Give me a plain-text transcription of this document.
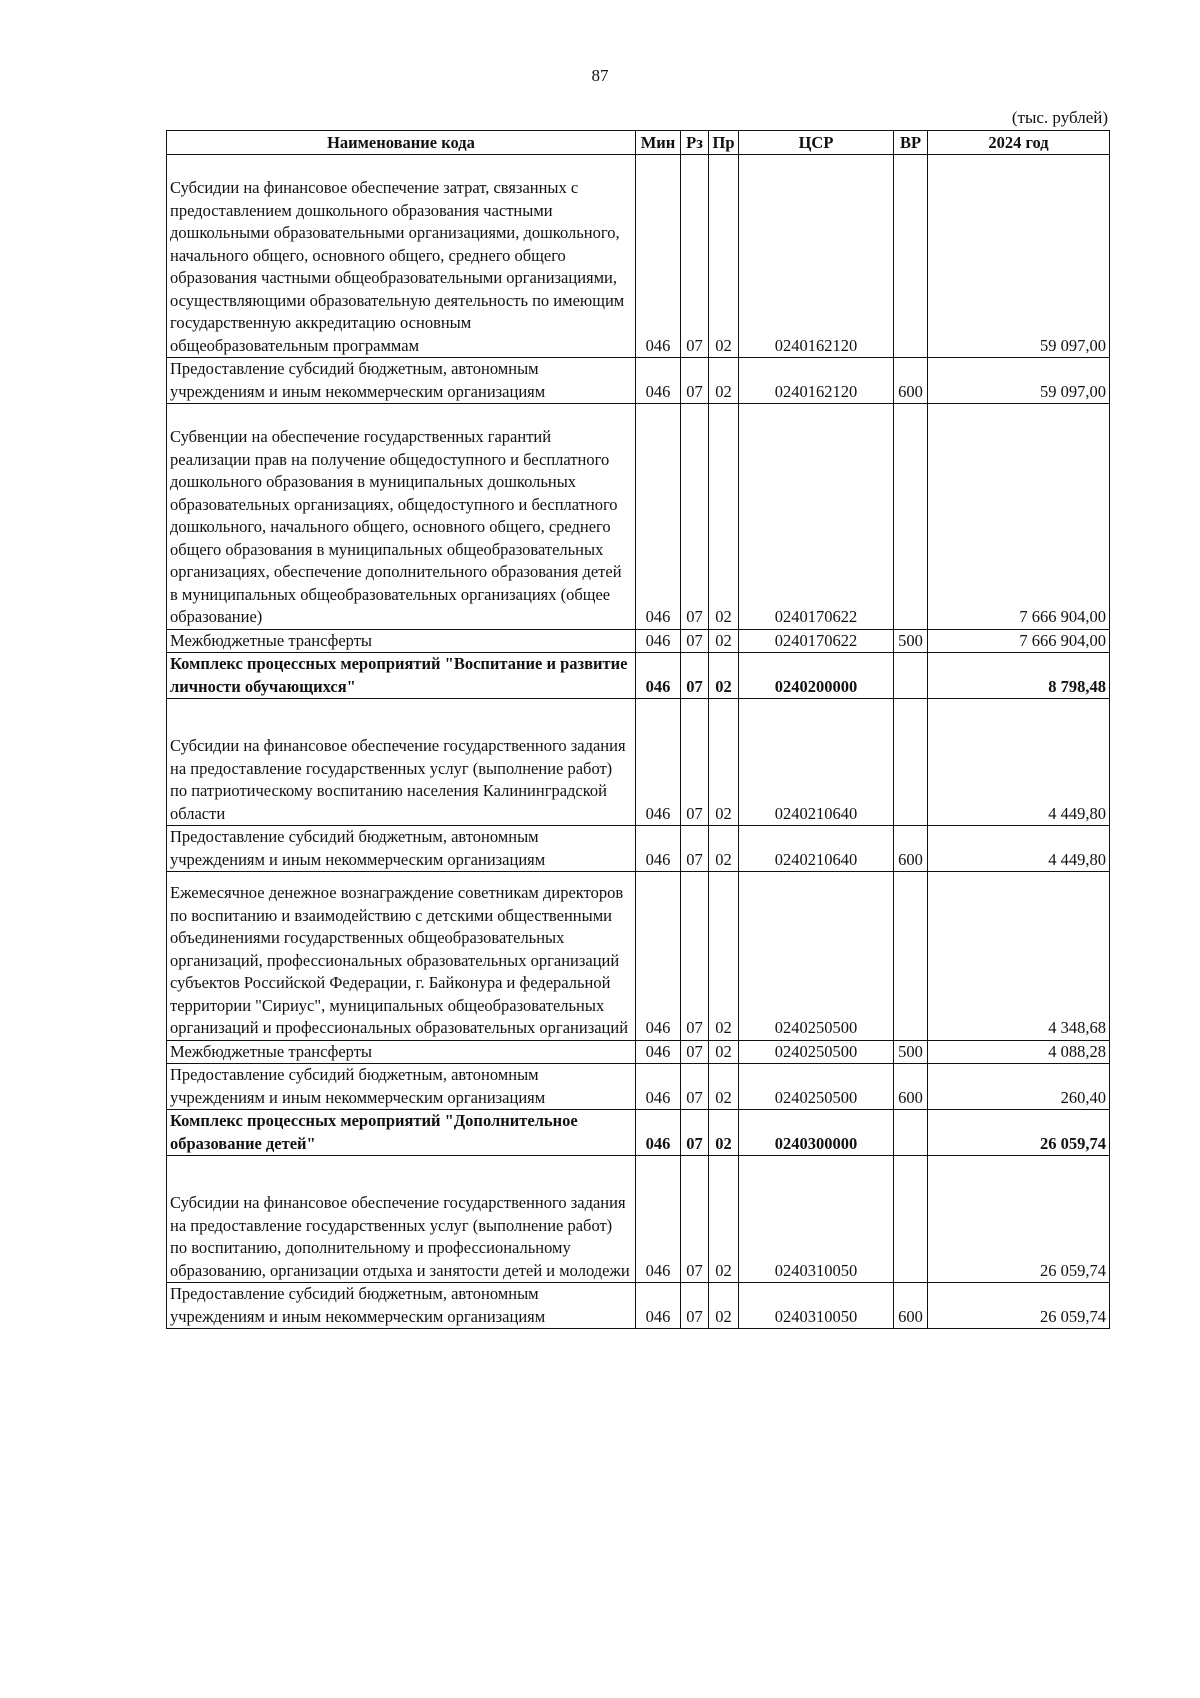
87
(тыс. рублей)
Наименование кода	Мин	Рз	Пр	ЦСР	ВР	2024 год
Субсидии на финансовое обеспечение затрат, связанных с предоставлением дошкольного образования частными дошкольными образовательными организациями, дошкольного, начального общего, основного общего, среднего общего образования частными общеобразовательными организациями, осуществляющими образовательную деятельность по имеющим государственную аккредитацию основным общеобразовательным программам	046	07	02	0240162120		59 097,00
Предоставление субсидий бюджетным, автономным учреждениям и иным некоммерческим организациям	046	07	02	0240162120	600	59 097,00
Субвенции на обеспечение государственных гарантий реализации прав на получение общедоступного и бесплатного дошкольного образования в муниципальных дошкольных образовательных организациях, общедоступного и бесплатного дошкольного, начального общего, основного общего, среднего общего образования в муниципальных общеобразовательных организациях, обеспечение дополнительного образования детей в муниципальных общеобразовательных организациях (общее образование)	046	07	02	0240170622		7 666 904,00
Межбюджетные трансферты	046	07	02	0240170622	500	7 666 904,00
Комплекс процессных мероприятий "Воспитание и развитие личности обучающихся"	046	07	02	0240200000		8 798,48
Субсидии на финансовое обеспечение государственного задания на предоставление государственных услуг (выполнение работ) по патриотическому воспитанию населения Калининградской области	046	07	02	0240210640		4 449,80
Предоставление субсидий бюджетным, автономным учреждениям и иным некоммерческим организациям	046	07	02	0240210640	600	4 449,80
Ежемесячное денежное вознаграждение советникам директоров по воспитанию и взаимодействию с детскими общественными объединениями государственных общеобразовательных организаций, профессиональных образовательных организаций субъектов Российской Федерации, г. Байконура и федеральной территории "Сириус", муниципальных общеобразовательных организаций и профессиональных образовательных организаций	046	07	02	0240250500		4 348,68
Межбюджетные трансферты	046	07	02	0240250500	500	4 088,28
Предоставление субсидий бюджетным, автономным учреждениям и иным некоммерческим организациям	046	07	02	0240250500	600	260,40
Комплекс процессных мероприятий "Дополнительное образование детей"	046	07	02	0240300000		26 059,74
Субсидии на финансовое обеспечение государственного задания на предоставление государственных услуг (выполнение работ) по воспитанию, дополнительному и профессиональному образованию, организации отдыха и занятости детей и молодежи	046	07	02	0240310050		26 059,74
Предоставление субсидий бюджетным, автономным учреждениям и иным некоммерческим организациям	046	07	02	0240310050	600	26 059,74
